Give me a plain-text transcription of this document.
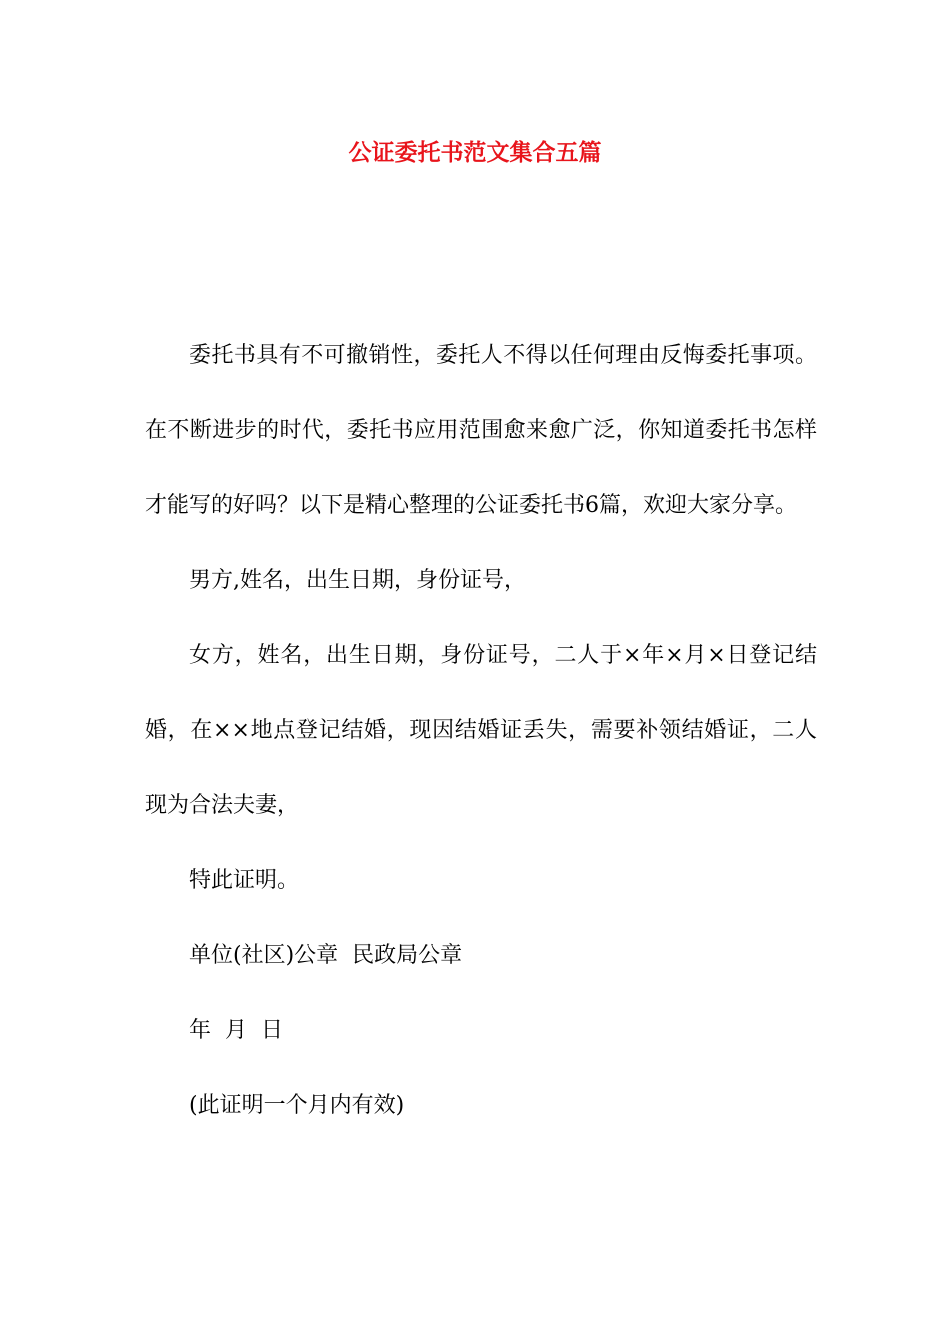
公证委托书范文集合五篇

委托书具有不可撤销性，委托人不得以任何理由反悔委托事项。在不断进步的时代，委托书应用范围愈来愈广泛，你知道委托书怎样才能写的好吗？以下是精心整理的公证委托书6篇，欢迎大家分享。

男方,姓名，出生日期，身份证号，

女方，姓名，出生日期，身份证号，二人于×年×月×日登记结婚，在××地点登记结婚，现因结婚证丢失，需要补领结婚证，二人现为合法夫妻，

特此证明。

单位(社区)公章  民政局公章

年  月  日

(此证明一个月内有效)
